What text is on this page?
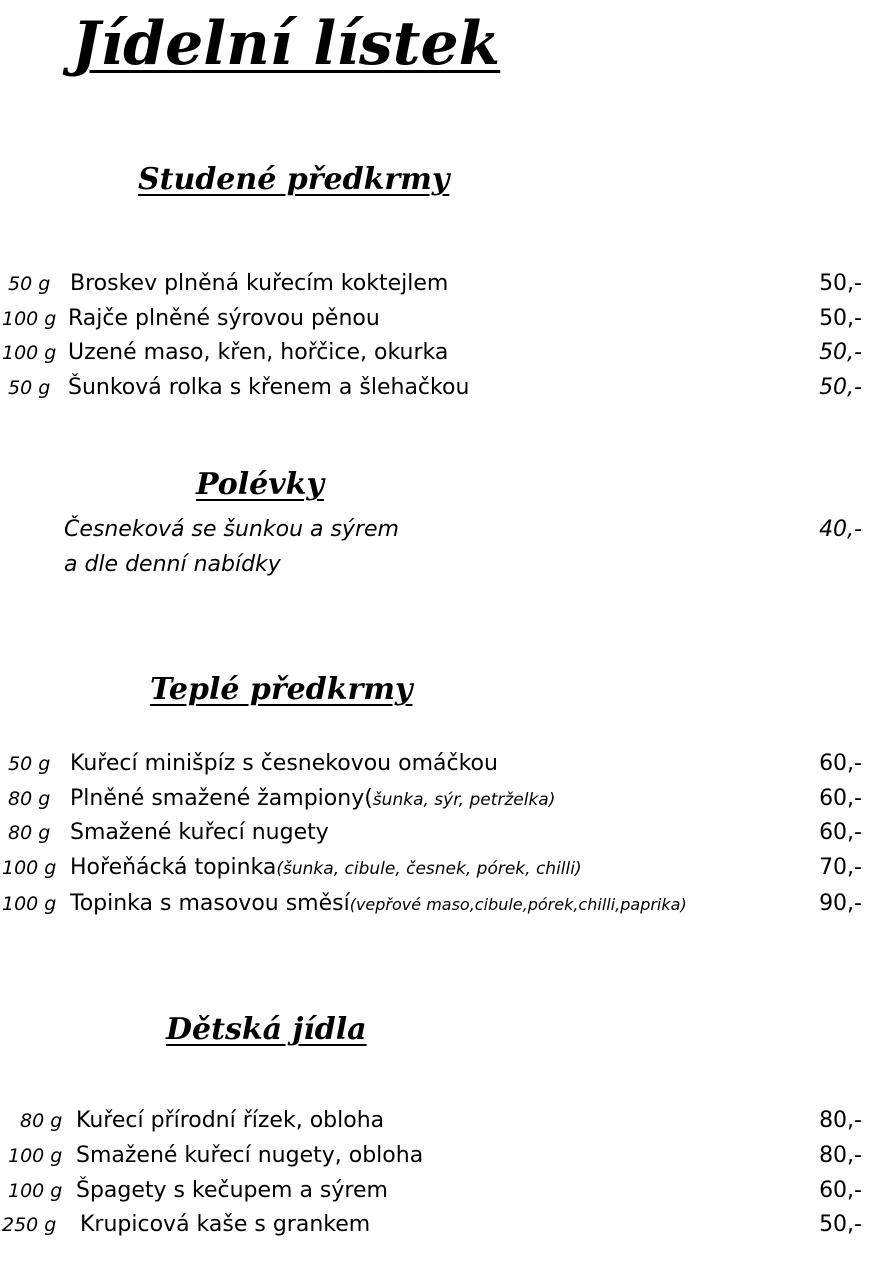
Jídelní lístek
Studené předkrmy
50 g Broskev plněná kuřecím koktejlem	50,-
100 g Rajče plněné sýrovou pěnou	50,-
100 g Uzené maso, křen, hořčice, okurka	50,-
50 g Šunková rolka s křenem a šlehačkou	50,-
Polévky
Česneková se šunkou a sýrem	40,-
a dle denní nabídky
Teplé předkrmy
50 g Kuřecí minišpíz s česnekovou omáčkou	60,-
80 g Plněné smažené žampiony(šunka, sýr, petrželka)	60,-
80 g Smažené kuřecí nugety	60,-
100 g Hořeňácká topinka(šunka, cibule, česnek, pórek, chilli)	70,-
100 g Topinka s masovou směsí(vepřové maso,cibule,pórek,chilli,paprika)	90,-
Dětská jídla
80 g Kuřecí přírodní řízek, obloha	80,-
100 g Smažené kuřecí nugety, obloha	80,-
100 g Špagety s kečupem a sýrem	60,-
250 g Krupicová kaše s grankem	50,-
